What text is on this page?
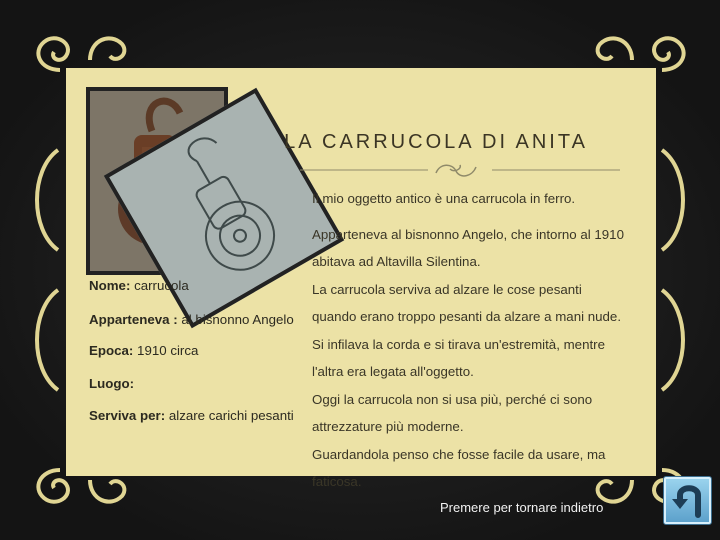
LA CARRUCOLA DI ANITA

Il mio oggetto antico è una carrucola in ferro.

Apparteneva al bisnonno Angelo, che intorno al 1910

abitava ad Altavilla Silentina.

La carrucola serviva ad alzare le cose pesanti

quando erano troppo pesanti da alzare a mani nude.

Si infilava la corda e si tirava un'estremità, mentre

l'altra era legata all'oggetto.

Oggi la carrucola non si usa più, perché ci sono

attrezzature più moderne.

Guardandola penso che fosse facile da usare, ma

faticosa.

Nome: carrucola
Apparteneva : al bisnonno Angelo
Epoca: 1910 circa
Luogo:
Serviva per: alzare carichi pesanti
Premere per tornare indietro
